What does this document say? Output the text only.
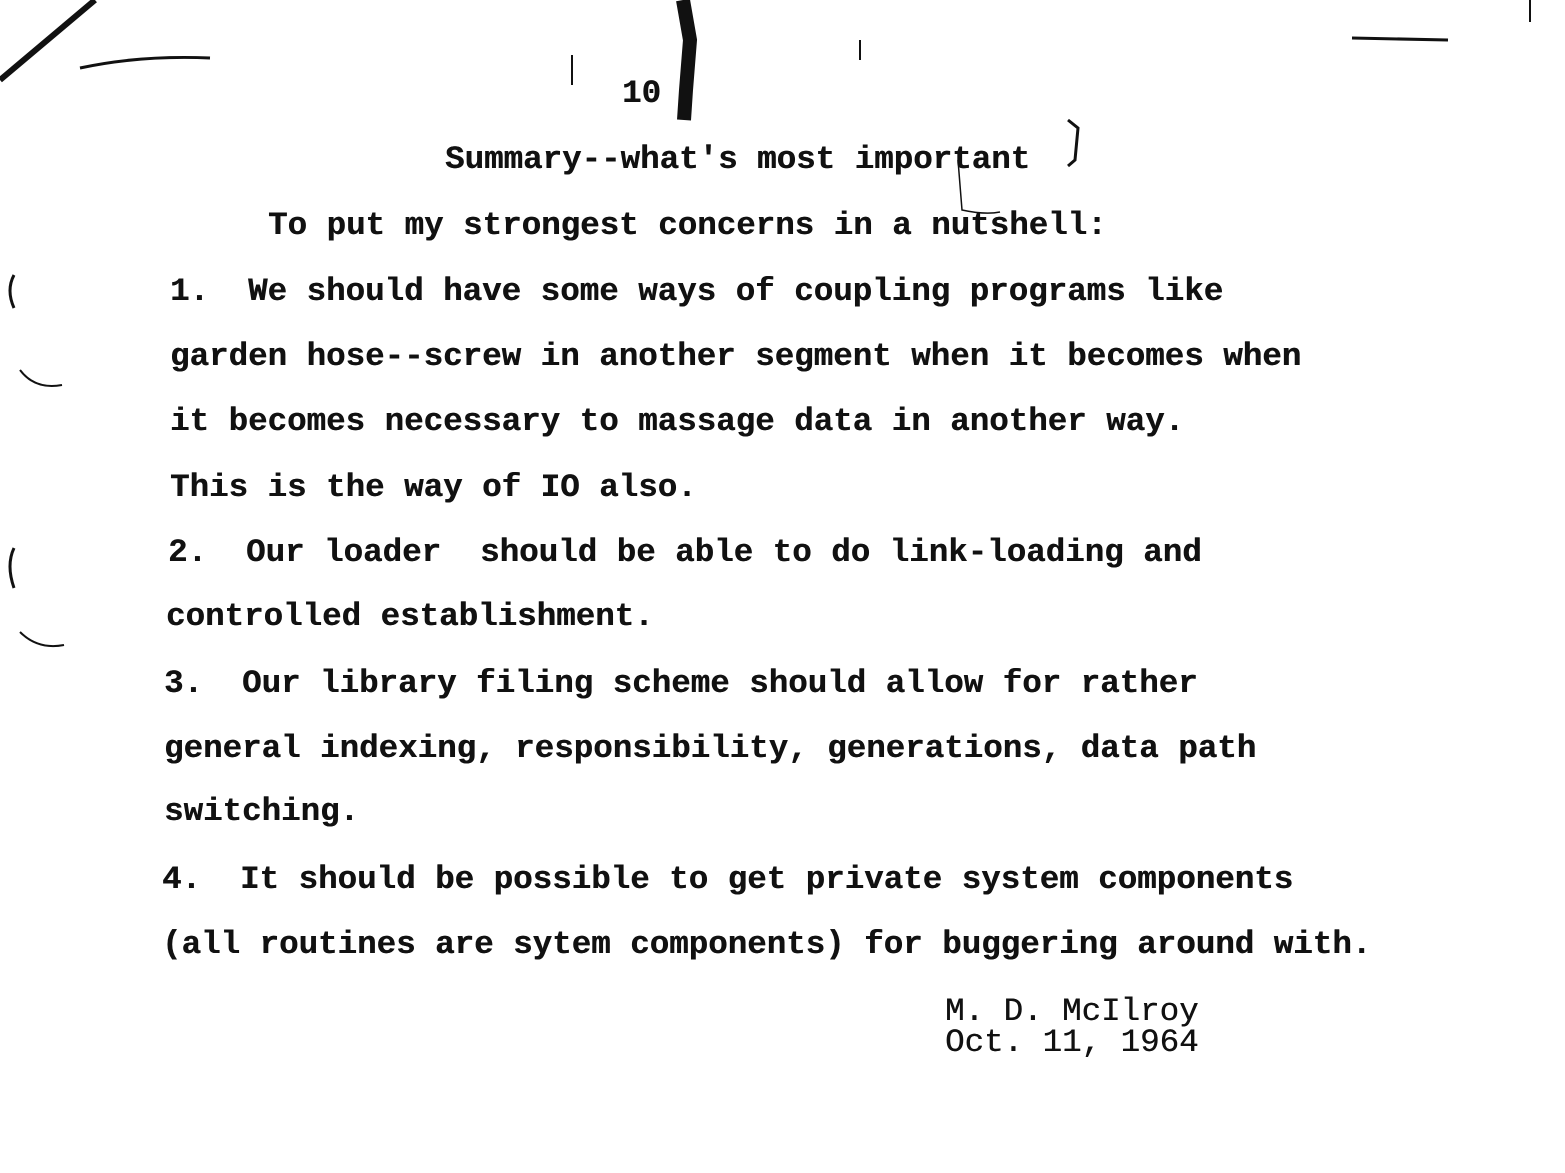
10
Summary--what's most important
To put my strongest concerns in a nutshell:
1.  We should have some ways of coupling programs like
garden hose--screw in another segment when it becomes when
it becomes necessary to massage data in another way.
This is the way of IO also.
2.  Our loader  should be able to do link-loading and
controlled establishment.
3.  Our library filing scheme should allow for rather
general indexing, responsibility, generations, data path
switching.
4.  It should be possible to get private system components
(all routines are sytem components) for buggering around with.
M. D. McIlroy
Oct. 11, 1964
